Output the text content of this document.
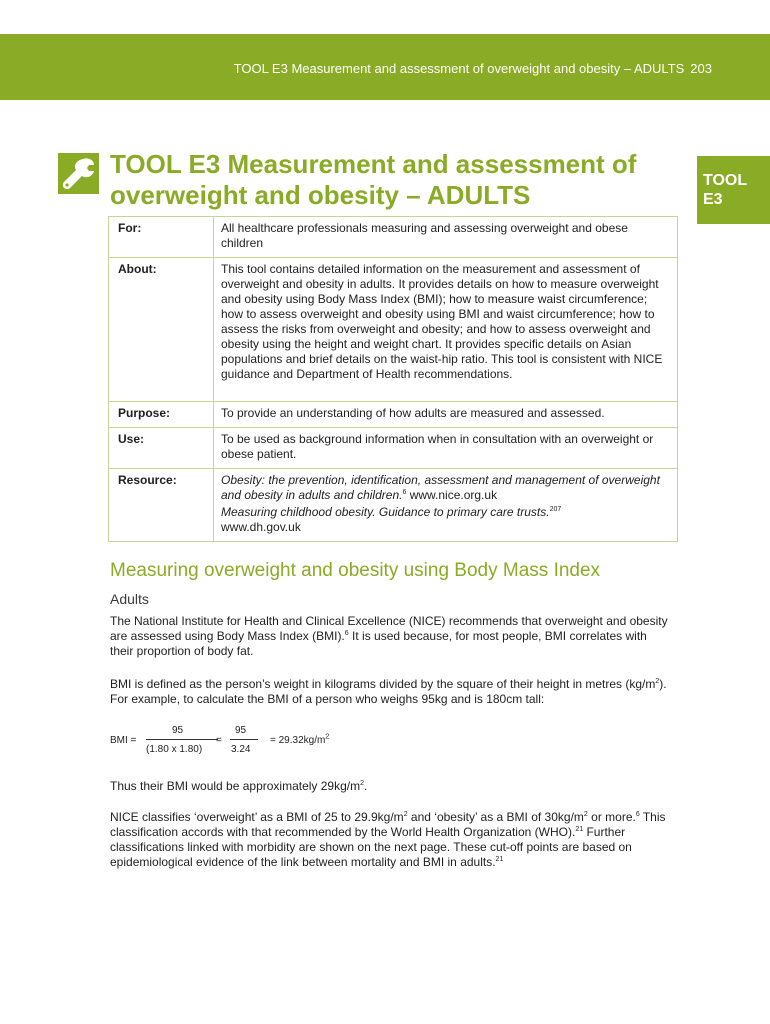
TOOL E3 Measurement and assessment of overweight and obesity – ADULTS 203
TOOL
E3
TOOL E3 Measurement and assessment of
overweight and obesity – ADULTS
For:	All healthcare professionals measuring and assessing overweight and obese children
About:	This tool contains detailed information on the measurement and assessment of overweight and obesity in adults. It provides details on how to measure overweight and obesity using Body Mass Index (BMI); how to measure waist circumference; how to assess overweight and obesity using BMI and waist circumference; how to assess the risks from overweight and obesity; and how to assess overweight and obesity using the height and weight chart. It provides specific details on Asian populations and brief details on the waist-hip ratio. This tool is consistent with NICE guidance and Department of Health recommendations.
Purpose:	To provide an understanding of how adults are measured and assessed.
Use:	To be used as background information when in consultation with an overweight or obese patient.
Resource:	Obesity: the prevention, identification, assessment and management of overweight and obesity in adults and children.$^6$ www.nice.org.uk
Measuring childhood obesity. Guidance to primary care trusts.$^{207}$
www.dh.gov.uk
Measuring overweight and obesity using Body Mass Index
Adults

The National Institute for Health and Clinical Excellence (NICE) recommends that overweight and obesity are assessed using Body Mass Index (BMI).$^6$ It is used because, for most people, BMI correlates with their proportion of body fat.

BMI is defined as the person’s weight in kilograms divided by the square of their height in metres $(kg/m^2)$. For example, to calculate the BMI of a person who weighs 95kg and is 180cm tall:

BMI =
95
(1.80 x 1.80)
=
95
3.24
= $29.32kg/m^2$

Thus their BMI would be approximately $29kg/m^2$.

NICE classifies ‘overweight’ as a BMI of 25 to $29.9kg/m^2$ and ‘obesity’ as a BMI of $30kg/m^2$ or more.$^6$ This classification accords with that recommended by the World Health Organization (WHO).$^{21}$ Further classifications linked with morbidity are shown on the next page. These cut-off points are based on epidemiological evidence of the link between mortality and BMI in adults.$^{21}$
